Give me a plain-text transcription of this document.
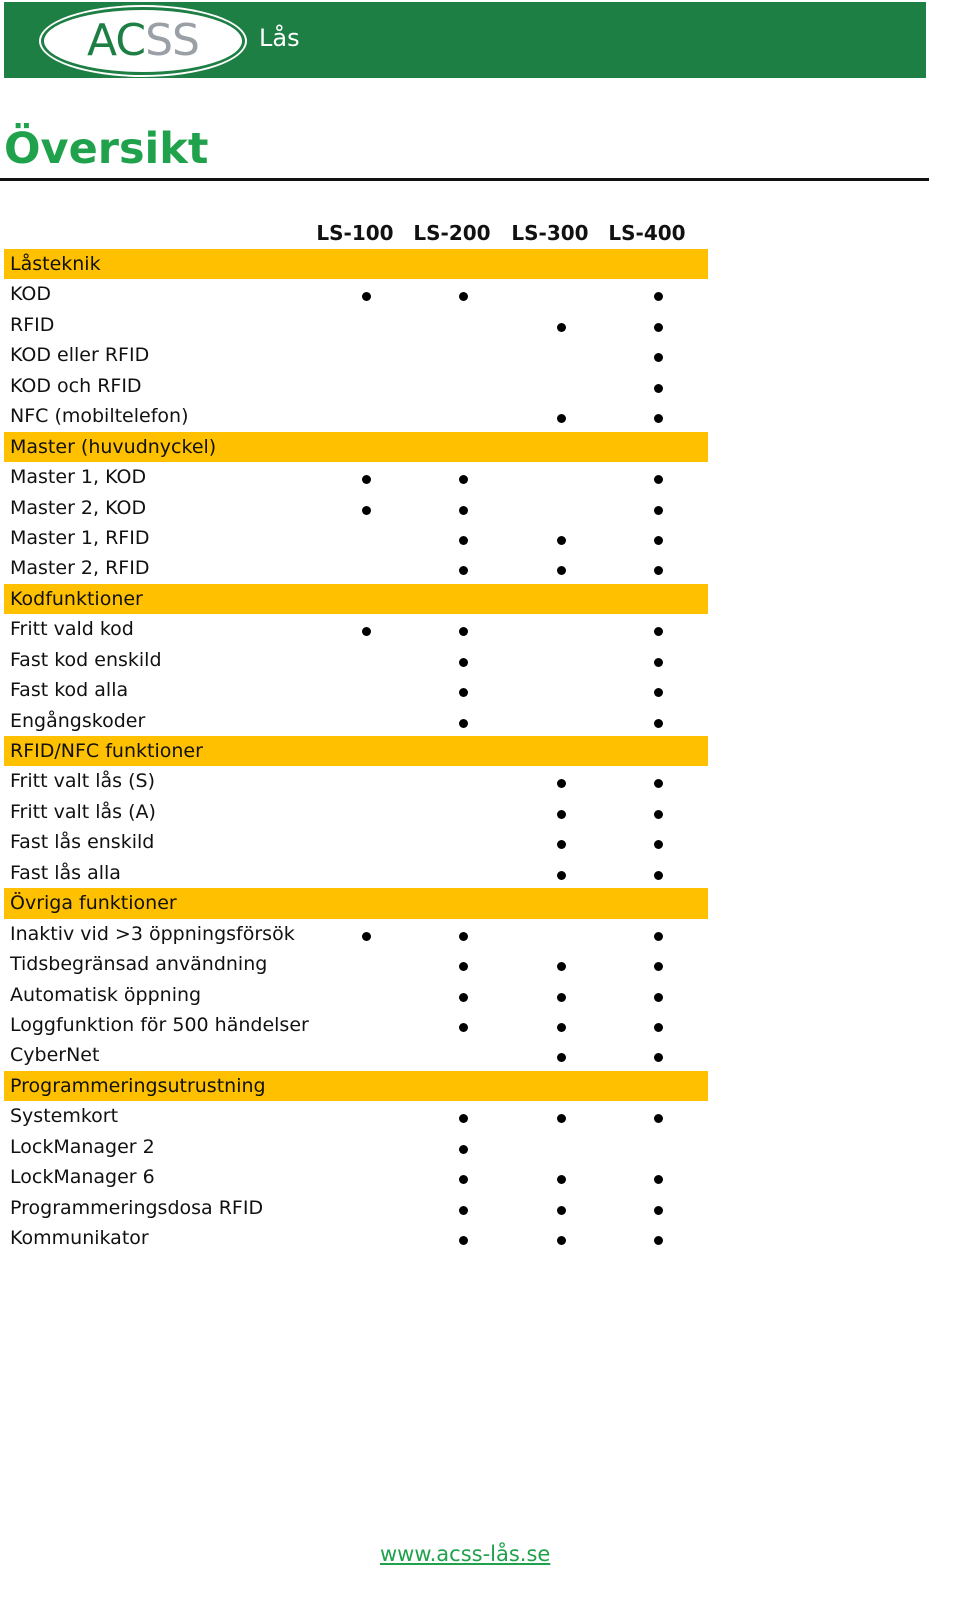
ACSS	Lås
Översikt
LS-100 LS-200	LS-300 LS-400
Låsteknik
KOD
RFID
KOD eller RFID
KOD och RFID
NFC (mobiltelefon)
Master (huvudnyckel)
Master 1, KOD
Master 2, KOD
Master 1, RFID
Master 2, RFID
Kodfunktioner
Fritt vald kod
Fast kod enskild
Fast kod alla
Engångskoder
RFID/NFC funktioner
Fritt valt lås (S)
Fritt valt lås (A)
Fast lås enskild
Fast lås alla
Övriga funktioner
Inaktiv vid >3 öppningsförsök
Tidsbegränsad användning
Automatisk öppning
Loggfunktion för 500 händelser
CyberNet
Programmeringsutrustning
Systemkort
LockManager 2
LockManager 6
Programmeringsdosa RFID
Kommunikator
www.acss-lås.se
